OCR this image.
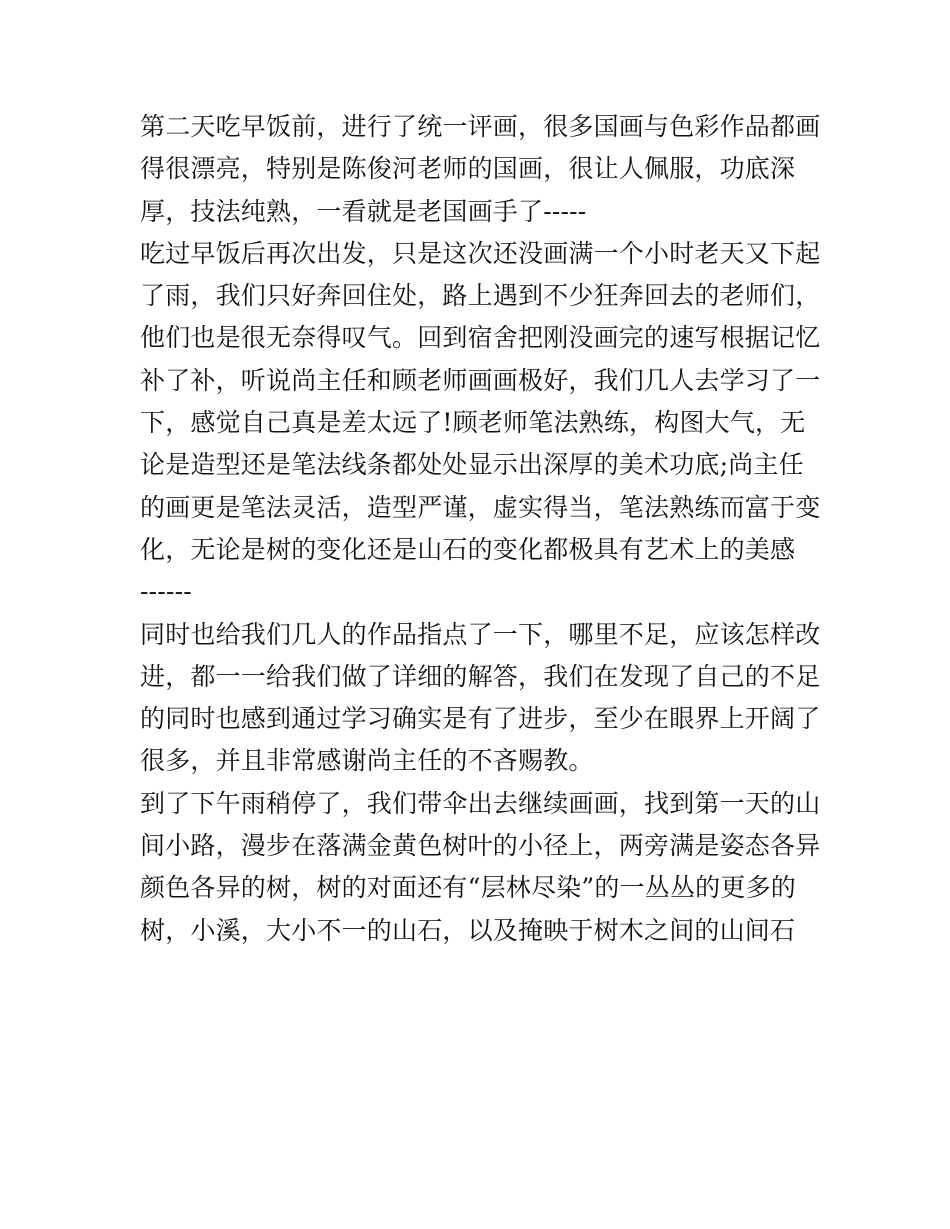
第二天吃早饭前，进行了统一评画，很多国画与色彩作品都画
得很漂亮，特别是陈俊河老师的国画，很让人佩服，功底深
厚，技法纯熟，一看就是老国画手了-----
吃过早饭后再次出发，只是这次还没画满一个小时老天又下起
了雨，我们只好奔回住处，路上遇到不少狂奔回去的老师们，
他们也是很无奈得叹气。回到宿舍把刚没画完的速写根据记忆
补了补，听说尚主任和顾老师画画极好，我们几人去学习了一
下，感觉自己真是差太远了!顾老师笔法熟练，构图大气，无
论是造型还是笔法线条都处处显示出深厚的美术功底;尚主任
的画更是笔法灵活，造型严谨，虚实得当，笔法熟练而富于变
化，无论是树的变化还是山石的变化都极具有艺术上的美感
------
同时也给我们几人的作品指点了一下，哪里不足，应该怎样改
进，都一一给我们做了详细的解答，我们在发现了自己的不足
的同时也感到通过学习确实是有了进步，至少在眼界上开阔了
很多，并且非常感谢尚主任的不吝赐教。
到了下午雨稍停了，我们带伞出去继续画画，找到第一天的山
间小路，漫步在落满金黄色树叶的小径上，两旁满是姿态各异
颜色各异的树，树的对面还有“层林尽染”的一丛丛的更多的
树，小溪，大小不一的山石，以及掩映于树木之间的山间石
